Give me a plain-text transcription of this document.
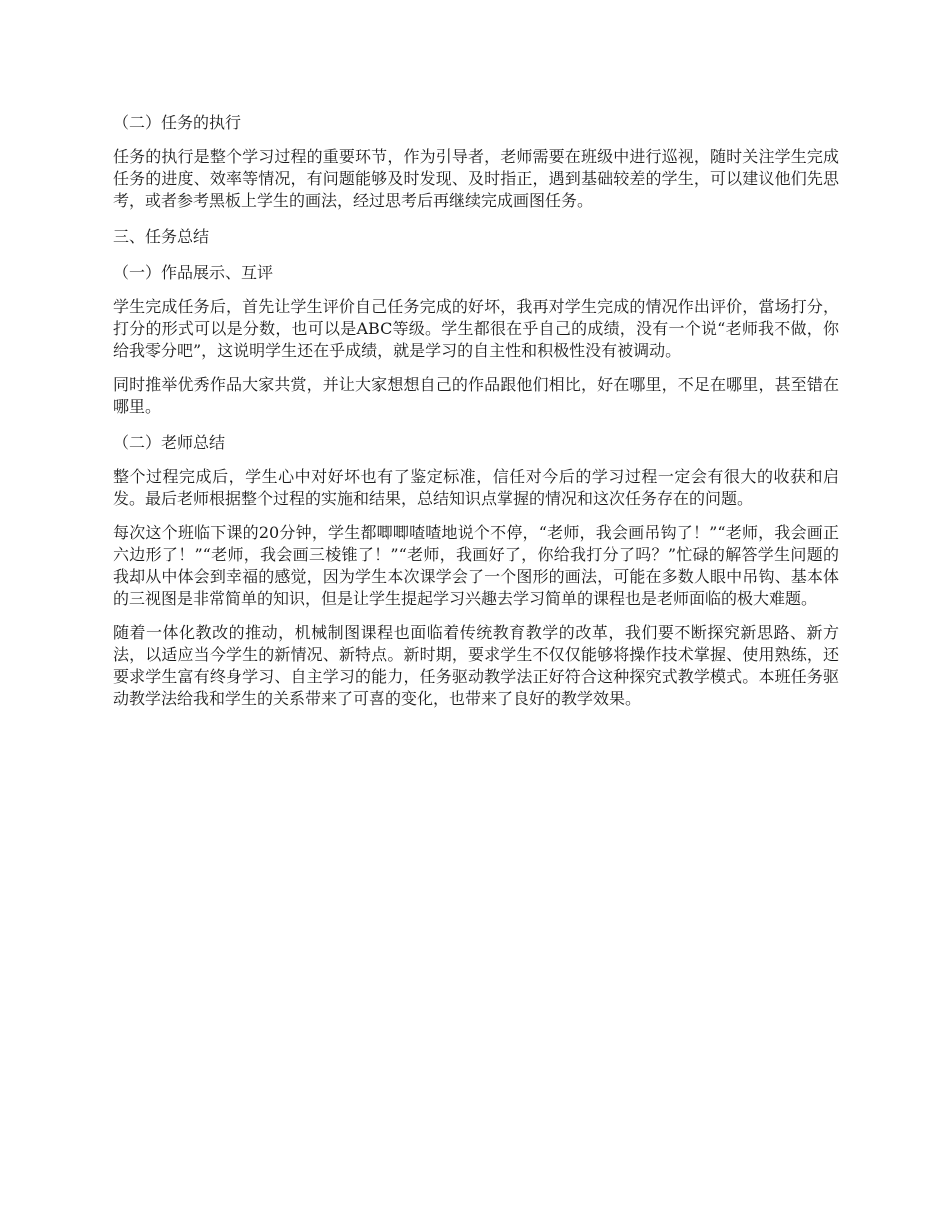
（二）任务的执行
任务的执行是整个学习过程的重要环节，作为引导者，老师需要在班级中进行巡视，随时关注学生完成任务的进度、效率等情况，有问题能够及时发现、及时指正，遇到基础较差的学生，可以建议他们先思考，或者参考黑板上学生的画法，经过思考后再继续完成画图任务。
三、任务总结
（一）作品展示、互评
学生完成任务后，首先让学生评价自己任务完成的好坏，我再对学生完成的情况作出评价，當场打分，打分的形式可以是分数，也可以是ABC等级。学生都很在乎自己的成绩，没有一个说“老师我不做，你给我零分吧”，这说明学生还在乎成绩，就是学习的自主性和积极性没有被调动。
同时推举优秀作品大家共赏，并让大家想想自己的作品跟他们相比，好在哪里，不足在哪里，甚至错在哪里。
（二）老师总结
整个过程完成后，学生心中对好坏也有了鉴定标准，信任对今后的学习过程一定会有很大的收获和启发。最后老师根据整个过程的实施和结果，总结知识点掌握的情况和这次任务存在的问题。
每次这个班临下课的20分钟，学生都唧唧喳喳地说个不停，“老师，我会画吊钩了！”“老师，我会画正六边形了！”“老师，我会画三棱锥了！”“老师，我画好了，你给我打分了吗？”忙碌的解答学生问题的我却从中体会到幸福的感觉，因为学生本次课学会了一个图形的画法，可能在多数人眼中吊钩、基本体的三视图是非常简单的知识，但是让学生提起学习兴趣去学习简单的课程也是老师面临的极大难题。
随着一体化教改的推动，机械制图课程也面临着传统教育教学的改革，我们要不断探究新思路、新方法，以适应当今学生的新情况、新特点。新时期，要求学生不仅仅能够将操作技术掌握、使用熟练，还要求学生富有终身学习、自主学习的能力，任务驱动教学法正好符合这种探究式教学模式。本班任务驱动教学法给我和学生的关系带来了可喜的变化，也带来了良好的教学效果。
